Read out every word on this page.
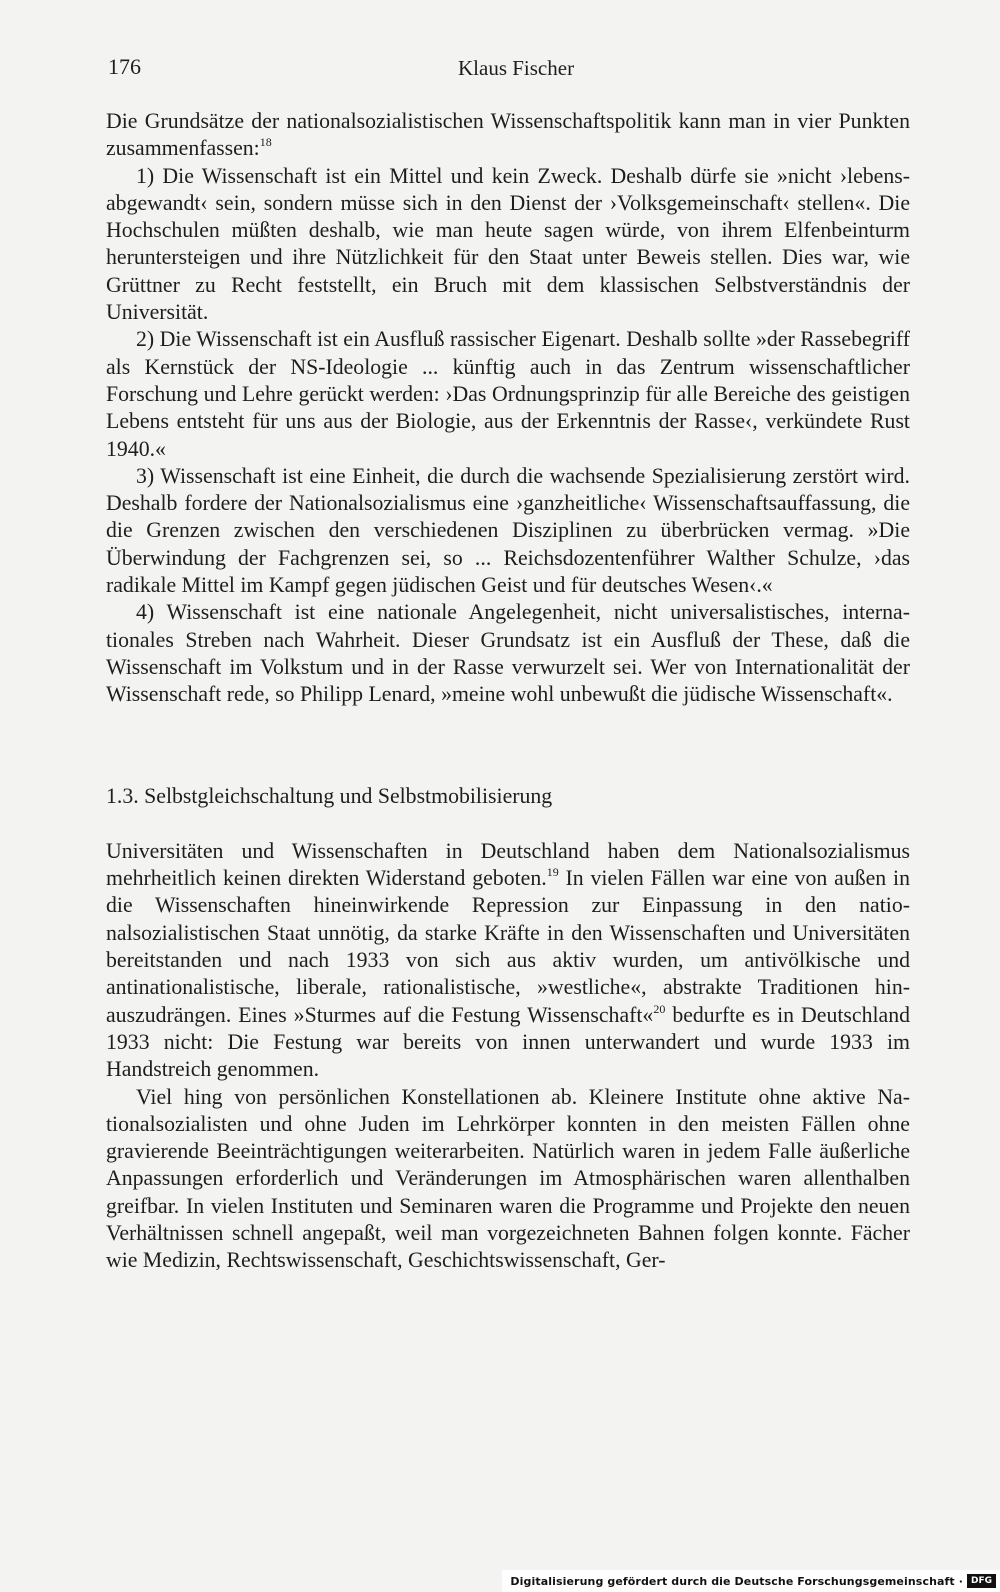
176	Klaus Fischer

Die Grundsätze der nationalsozialistischen Wissenschaftspolitik kann man in vier Punkten zusammenfassen:$^{18}$

1) Die Wissenschaft ist ein Mittel und kein Zweck. Deshalb dürfe sie »nicht ›lebensabgewandt‹ sein, sondern müsse sich in den Dienst der ›Volksgemeinschaft‹ stellen«. Die Hochschulen müßten deshalb, wie man heute sagen würde, von ihrem Elfenbeinturm heruntersteigen und ihre Nützlichkeit für den Staat unter Beweis stellen. Dies war, wie Grüttner zu Recht feststellt, ein Bruch mit dem klassischen Selbstverständnis der Universität.

2) Die Wissenschaft ist ein Ausfluß rassischer Eigenart. Deshalb sollte »der Rassebegriff als Kernstück der NS-Ideologie ... künftig auch in das Zentrum wissenschaftlicher Forschung und Lehre gerückt werden: ›Das Ordnungsprinzip für alle Bereiche des geistigen Lebens entsteht für uns aus der Biologie, aus der Erkenntnis der Rasse‹, verkündete Rust 1940.«

3) Wissenschaft ist eine Einheit, die durch die wachsende Spezialisierung zerstört wird. Deshalb fordere der Nationalsozialismus eine ›ganzheitliche‹ Wissenschaftsauffassung, die die Grenzen zwischen den verschiedenen Disziplinen zu überbrücken vermag. »Die Überwindung der Fachgrenzen sei, so ... Reichsdozentenführer Walther Schulze, ›das radikale Mittel im Kampf gegen jüdischen Geist und für deutsches Wesen‹.«

4) Wissenschaft ist eine nationale Angelegenheit, nicht universalistisches, internationales Streben nach Wahrheit. Dieser Grundsatz ist ein Ausfluß der These, daß die Wissenschaft im Volkstum und in der Rasse verwurzelt sei. Wer von Internationalität der Wissenschaft rede, so Philipp Lenard, »meine wohl unbewußt die jüdische Wissenschaft«.

1.3. Selbstgleichschaltung und Selbstmobilisierung

Universitäten und Wissenschaften in Deutschland haben dem Nationalsozialismus mehrheitlich keinen direkten Widerstand geboten.$^{19}$ In vielen Fällen war eine von außen in die Wissenschaften hineinwirkende Repression zur Einpassung in den nationalsozialistischen Staat unnötig, da starke Kräfte in den Wissenschaften und Universitäten bereitstanden und nach 1933 von sich aus aktiv wurden, um antivölkische und antinationalistische, liberale, rationalistische, »westliche«, abstrakte Traditionen hinauszudrängen. Eines »Sturmes auf die Festung Wissenschaft«$^{20}$ bedurfte es in Deutschland 1933 nicht: Die Festung war bereits von innen unterwandert und wurde 1933 im Handstreich genommen.

Viel hing von persönlichen Konstellationen ab. Kleinere Institute ohne aktive Nationalsozialisten und ohne Juden im Lehrkörper konnten in den meisten Fällen ohne gravierende Beeinträchtigungen weiterarbeiten. Natürlich waren in jedem Falle äußerliche Anpassungen erforderlich und Veränderungen im Atmosphärischen waren allenthalben greifbar. In vielen Instituten und Seminaren waren die Programme und Projekte den neuen Verhältnissen schnell angepaßt, weil man vorgezeichneten Bahnen folgen konnte. Fächer wie Medizin, Rechtswissenschaft, Geschichtswissenschaft, Ger-

Digitalisierung gefördert durch die Deutsche Forschungsgemeinschaft · DFG
